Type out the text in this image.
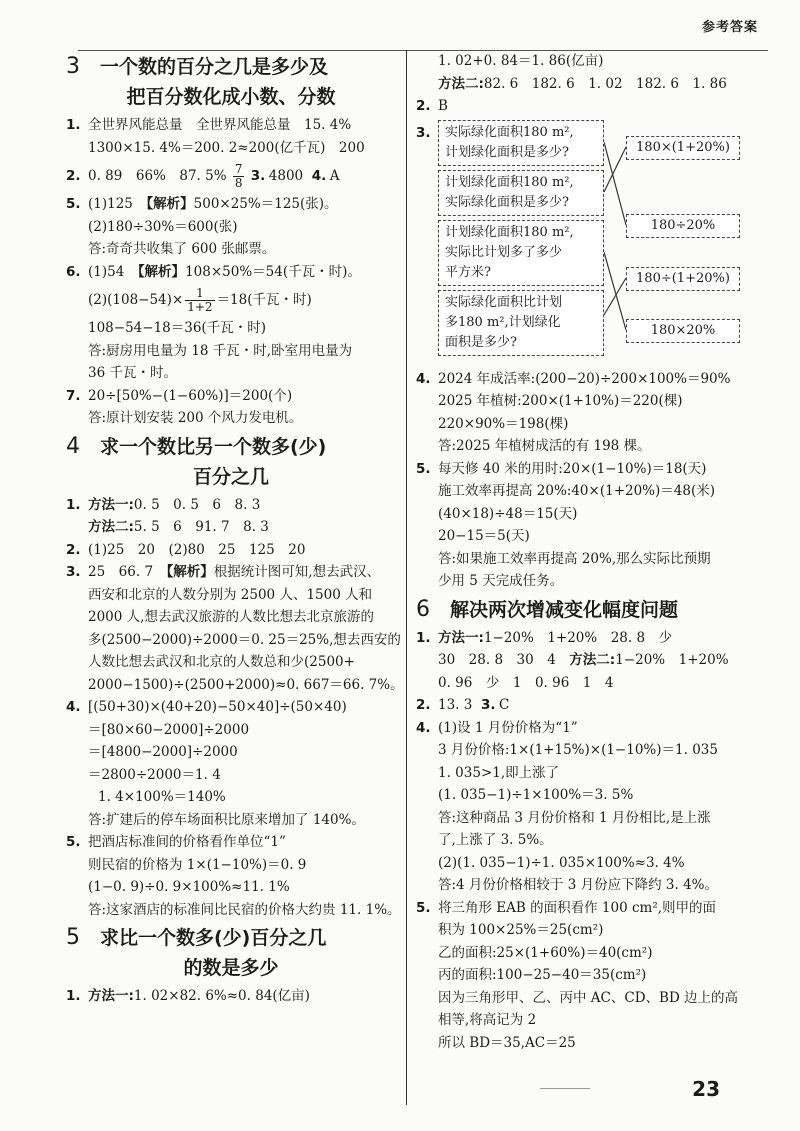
参考答案
3 一个数的百分之几是多少及
把百分数化成小数、分数
1. 全世界风能总量　全世界风能总量　15. 4%
1300×15. 4%＝200. 2≈200(亿千瓦)　200
2. 0. 89　66%　87. $5\% \frac{7}{8} 3$. 4800 4. A
5. (1)125　【解析】500×25%＝125(张)。
(2)180÷30%＝600(张)
答:奇奇共收集了 600 张邮票。
6. (1)54　【解析】108×50%＝54(千瓦・时)。
$(2)(108-54)\times \frac{1}{1+2} =18$(千瓦・时)
108−54−18＝36(千瓦・时)
答:厨房用电量为 18 千瓦・时,卧室用电量为
36 千瓦・时。
7. 20÷[50%−(1−60%)]＝200(个)
答:原计划安装 200 个风力发电机。
4 求一个数比另一个数多(少)
百分之几
1. 方法一:0. 5　0. 5　6　8. 3
方法二:5. 5　6　91. 7　8. 3
2. (1)25　20　(2)80　25　125　20
3. 25　66. 7　【解析】根据统计图可知,想去武汉、
西安和北京的人数分别为 2500 人、1500 人和
2000 人,想去武汉旅游的人数比想去北京旅游的
多(2500−2000)÷2000＝0. 25＝25%,想去西安的
人数比想去武汉和北京的人数总和少(2500+
2000−1500)÷(2500+2000)≈0. 667＝66. 7%。
4. [(50+30)×(40+20)−50×40]÷(50×40)
＝[80×60−2000]÷2000
＝[4800−2000]÷2000
＝2800÷2000＝1. 4
1. 4×100%＝140%
答:扩建后的停车场面积比原来增加了 140%。
5. 把酒店标准间的价格看作单位“1”
则民宿的价格为 1×(1−10%)＝0. 9
(1−0. 9)÷0. 9×100%≈11. 1%
答:这家酒店的标准间比民宿的价格大约贵 11. 1%。
5 求比一个数多(少)百分之几
的数是多少
1. 方法一:1. 02×82. 6%≈0. 84(亿亩)
1. 02+0. 84＝1. 86(亿亩)
方法二:82. 6　182. 6　1. 02　182. 6　1. 86
2. B
3.	实际绿化面积180 m²,
计划绿化面积是多少?
计划绿化面积180 m²,
实际绿化面积是多少?
计划绿化面积180 m²,
实际比计划多了多少
平方米?
实际绿化面积比计划
多180 m²,计划绿化
面积是多少?
180×(1+20%)
180÷20%
180÷(1+20%)
180×20%
4. 2024 年成活率:(200−20)÷200×100%＝90%
2025 年植树:200×(1+10%)＝220(棵)
220×90%＝198(棵)
答:2025 年植树成活的有 198 棵。
5. 每天修 40 米的用时:20×(1−10%)＝18(天)
施工效率再提高 20%:40×(1+20%)＝48(米)
(40×18)÷48＝15(天)
20−15＝5(天)
答:如果施工效率再提高 20%,那么实际比预期
少用 5 天完成任务。
6 解决两次增减变化幅度问题
1. 方法一:1−20%　1+20%　28. 8　少
30　28. 8　30　4　方法二:1−20%　1+20%
0. 96　少　1　0. 96　1　4
2. 13. 3 3. C
4. (1)设 1 月份价格为“1”
3 月份价格:1×(1+15%)×(1−10%)＝1. 035
1. 035>1,即上涨了
(1. 035−1)÷1×100%＝3. 5%
答:这种商品 3 月份价格和 1 月份相比,是上涨
了,上涨了 3. 5%。
(2)(1. 035−1)÷1. 035×100%≈3. 4%
答:4 月份价格相较于 3 月份应下降约 3. 4%。
5. 将三角形 EAB 的面积看作 100 cm²,则甲的面
积为 100×25%＝25(cm²)
乙的面积:25×(1+60%)＝40(cm²)
丙的面积:100−25−40＝35(cm²)
因为三角形甲、乙、丙中 AC、CD、BD 边上的高
相等,将高记为 2
所以 BD＝35,AC＝25
23
